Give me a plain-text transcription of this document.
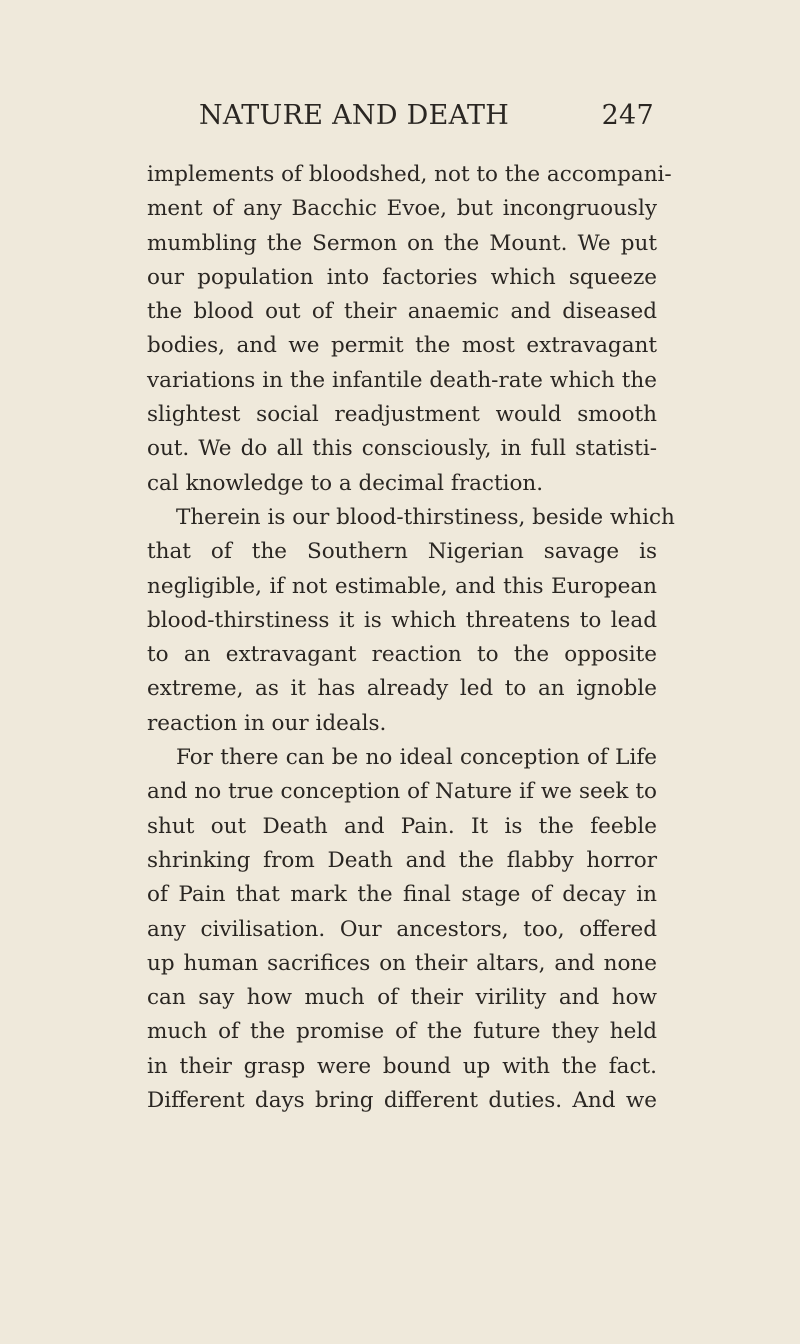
NATURE AND DEATH	247
implements of bloodshed, not to the accompani-
ment of any Bacchic Evoe, but incongruously
mumbling the Sermon on the Mount. We put
our population into factories which squeeze
the blood out of their anaemic and diseased
bodies, and we permit the most extravagant
variations in the infantile death-rate which the
slightest social readjustment would smooth
out. We do all this consciously, in full statisti-
cal knowledge to a decimal fraction.
Therein is our blood-thirstiness, beside which
that of the Southern Nigerian savage is
negligible, if not estimable, and this European
blood-thirstiness it is which threatens to lead
to an extravagant reaction to the opposite
extreme, as it has already led to an ignoble
reaction in our ideals.
For there can be no ideal conception of Life
and no true conception of Nature if we seek to
shut out Death and Pain. It is the feeble
shrinking from Death and the flabby horror
of Pain that mark the final stage of decay in
any civilisation. Our ancestors, too, offered
up human sacrifices on their altars, and none
can say how much of their virility and how
much of the promise of the future they held
in their grasp were bound up with the fact.
Different days bring different duties. And we
